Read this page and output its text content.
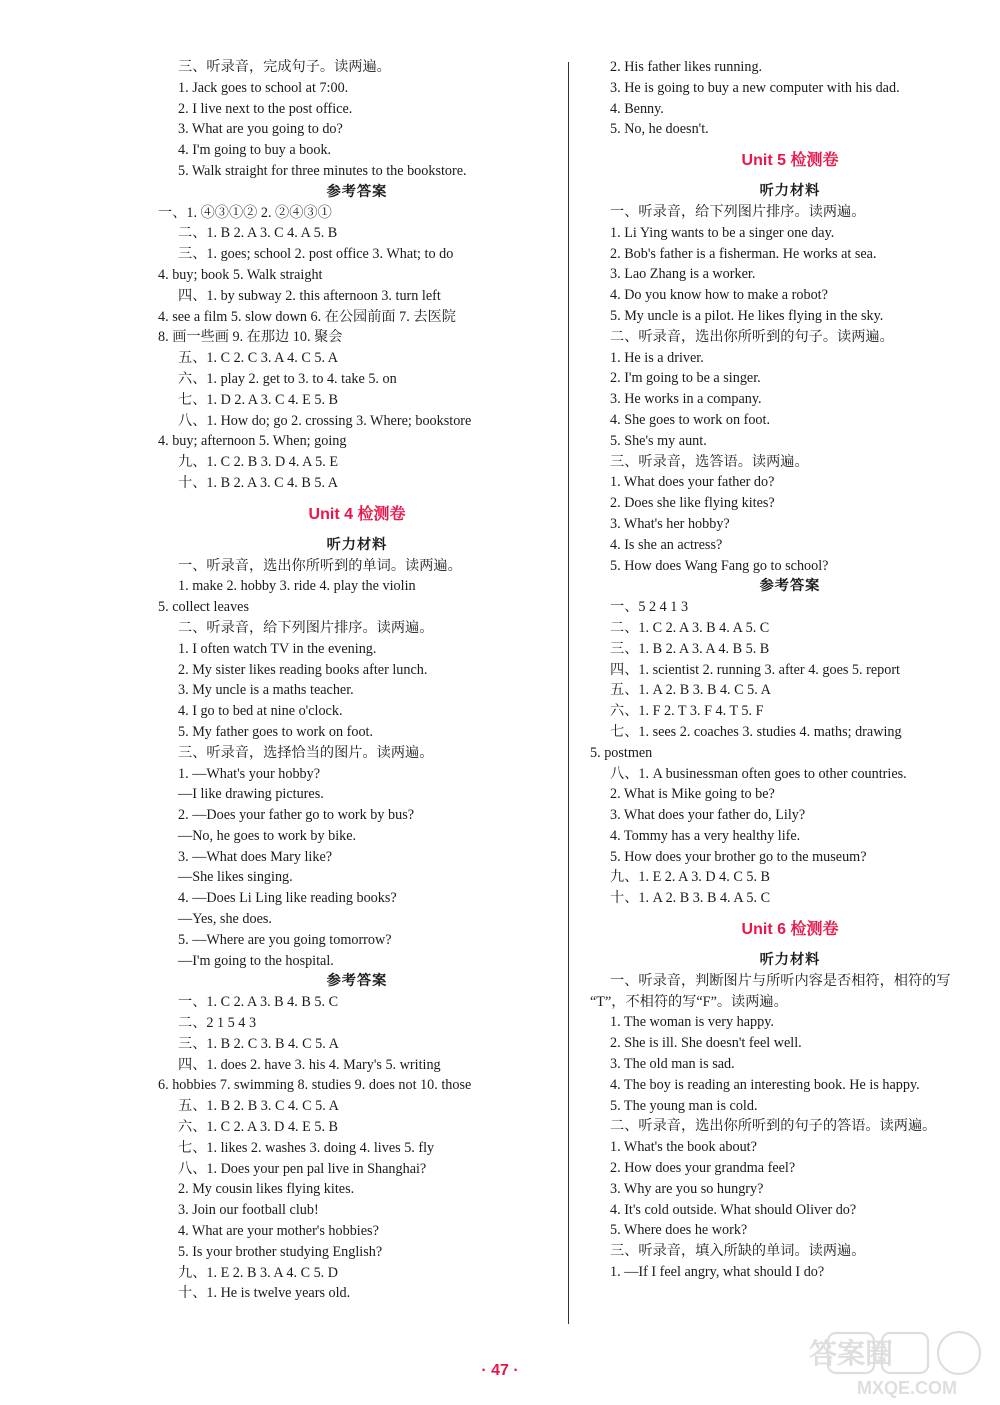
三、听录音，完成句子。读两遍。
1. Jack goes to school at 7:00.
2. I live next to the post office.
3. What are you going to do?
4. I'm going to buy a book.
5. Walk straight for three minutes to the bookstore.
参考答案
一、1. ④③①② 2. ②④③①
二、1. B 2. A 3. C 4. A 5. B
三、1. goes; school 2. post office 3. What; to do
4. buy; book 5. Walk straight
四、1. by subway 2. this afternoon 3. turn left
4. see a film 5. slow down 6. 在公园前面 7. 去医院
8. 画一些画 9. 在那边 10. 聚会
五、1. C 2. C 3. A 4. C 5. A
六、1. play 2. get to 3. to 4. take 5. on
七、1. D 2. A 3. C 4. E 5. B
八、1. How do; go 2. crossing 3. Where; bookstore
4. buy; afternoon 5. When; going
九、1. C 2. B 3. D 4. A 5. E
十、1. B 2. A 3. C 4. B 5. A
Unit 4 检测卷
听力材料
一、听录音，选出你所听到的单词。读两遍。
1. make 2. hobby 3. ride 4. play the violin
5. collect leaves
二、听录音，给下列图片排序。读两遍。
1. I often watch TV in the evening.
2. My sister likes reading books after lunch.
3. My uncle is a maths teacher.
4. I go to bed at nine o'clock.
5. My father goes to work on foot.
三、听录音，选择恰当的图片。读两遍。
1. —What's your hobby?
—I like drawing pictures.
2. —Does your father go to work by bus?
—No, he goes to work by bike.
3. —What does Mary like?
—She likes singing.
4. —Does Li Ling like reading books?
—Yes, she does.
5. —Where are you going tomorrow?
—I'm going to the hospital.
参考答案
一、1. C 2. A 3. B 4. B 5. C
二、2 1 5 4 3
三、1. B 2. C 3. B 4. C 5. A
四、1. does 2. have 3. his 4. Mary's 5. writing
6. hobbies 7. swimming 8. studies 9. does not 10. those
五、1. B 2. B 3. C 4. C 5. A
六、1. C 2. A 3. D 4. E 5. B
七、1. likes 2. washes 3. doing 4. lives 5. fly
八、1. Does your pen pal live in Shanghai?
2. My cousin likes flying kites.
3. Join our football club!
4. What are your mother's hobbies?
5. Is your brother studying English?
九、1. E 2. B 3. A 4. C 5. D
十、1. He is twelve years old.
2. His father likes running.
3. He is going to buy a new computer with his dad.
4. Benny.
5. No, he doesn't.
Unit 5 检测卷
听力材料
一、听录音，给下列图片排序。读两遍。
1. Li Ying wants to be a singer one day.
2. Bob's father is a fisherman. He works at sea.
3. Lao Zhang is a worker.
4. Do you know how to make a robot?
5. My uncle is a pilot. He likes flying in the sky.
二、听录音，选出你所听到的句子。读两遍。
1. He is a driver.
2. I'm going to be a singer.
3. He works in a company.
4. She goes to work on foot.
5. She's my aunt.
三、听录音，选答语。读两遍。
1. What does your father do?
2. Does she like flying kites?
3. What's her hobby?
4. Is she an actress?
5. How does Wang Fang go to school?
参考答案
一、5 2 4 1 3
二、1. C 2. A 3. B 4. A 5. C
三、1. B 2. A 3. A 4. B 5. B
四、1. scientist 2. running 3. after 4. goes 5. report
五、1. A 2. B 3. B 4. C 5. A
六、1. F 2. T 3. F 4. T 5. F
七、1. sees 2. coaches 3. studies 4. maths; drawing
5. postmen
八、1. A businessman often goes to other countries.
2. What is Mike going to be?
3. What does your father do, Lily?
4. Tommy has a very healthy life.
5. How does your brother go to the museum?
九、1. E 2. A 3. D 4. C 5. B
十、1. A 2. B 3. B 4. A 5. C
Unit 6 检测卷
听力材料
一、听录音，判断图片与所听内容是否相符，相符的写
“T”，不相符的写“F”。读两遍。
1. The woman is very happy.
2. She is ill. She doesn't feel well.
3. The old man is sad.
4. The boy is reading an interesting book. He is happy.
5. The young man is cold.
二、听录音，选出你所听到的句子的答语。读两遍。
1. What's the book about?
2. How does your grandma feel?
3. Why are you so hungry?
4. It's cold outside. What should Oliver do?
5. Where does he work?
三、听录音，填入所缺的单词。读两遍。
1. —If I feel angry, what should I do?
· 47 ·
答案圈
MXQE.COM
